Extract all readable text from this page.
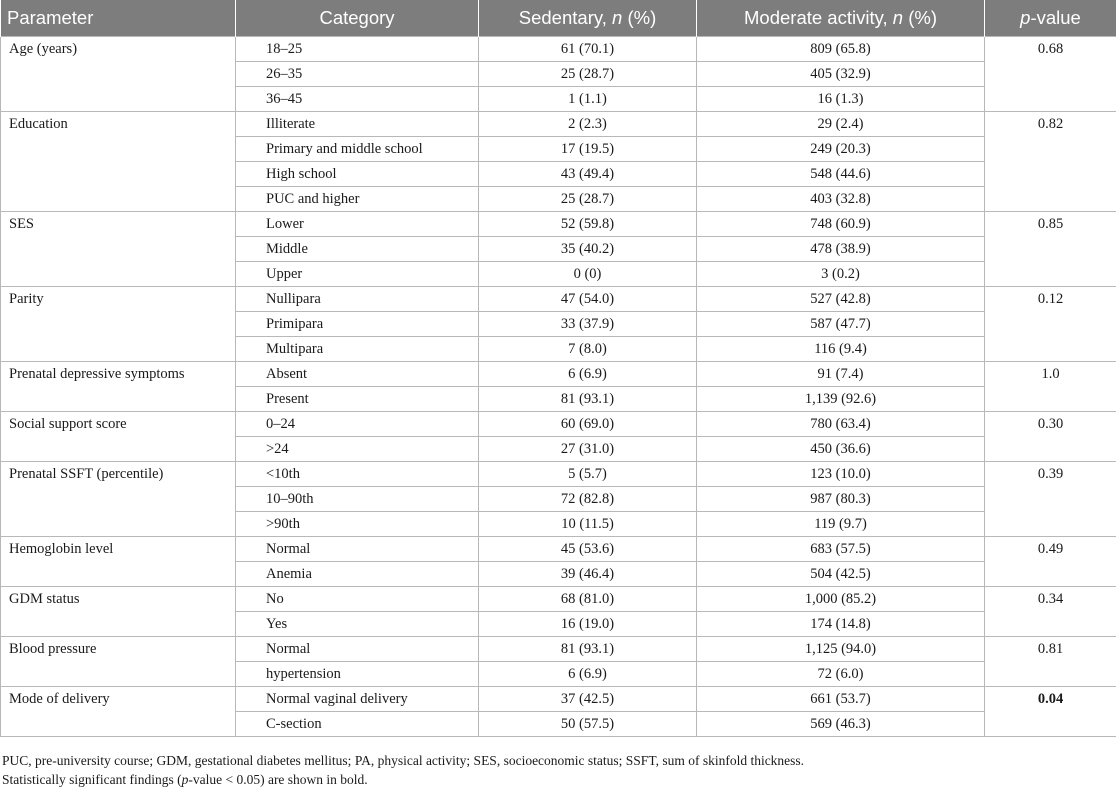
Parameter	Category	Sedentary, n (%)	Moderate activity, n (%)	p-value
Age (years)	18–25	61 (70.1)	809 (65.8)	0.68
	26–35	25 (28.7)	405 (32.9)	
	36–45	1 (1.1)	16 (1.3)	
Education	Illiterate	2 (2.3)	29 (2.4)	0.82
	Primary and middle school	17 (19.5)	249 (20.3)	
	High school	43 (49.4)	548 (44.6)	
	PUC and higher	25 (28.7)	403 (32.8)	
SES	Lower	52 (59.8)	748 (60.9)	0.85
	Middle	35 (40.2)	478 (38.9)	
	Upper	0 (0)	3 (0.2)	
Parity	Nullipara	47 (54.0)	527 (42.8)	0.12
	Primipara	33 (37.9)	587 (47.7)	
	Multipara	7 (8.0)	116 (9.4)	
Prenatal depressive symptoms	Absent	6 (6.9)	91 (7.4)	1.0
	Present	81 (93.1)	1,139 (92.6)	
Social support score	0–24	60 (69.0)	780 (63.4)	0.30
	>24	27 (31.0)	450 (36.6)	
Prenatal SSFT (percentile)	<10th	5 (5.7)	123 (10.0)	0.39
	10–90th	72 (82.8)	987 (80.3)	
	>90th	10 (11.5)	119 (9.7)	
Hemoglobin level	Normal	45 (53.6)	683 (57.5)	0.49
	Anemia	39 (46.4)	504 (42.5)	
GDM status	No	68 (81.0)	1,000 (85.2)	0.34
	Yes	16 (19.0)	174 (14.8)	
Blood pressure	Normal	81 (93.1)	1,125 (94.0)	0.81
	hypertension	6 (6.9)	72 (6.0)	
Mode of delivery	Normal vaginal delivery	37 (42.5)	661 (53.7)	0.04
	C-section	50 (57.5)	569 (46.3)	

PUC, pre-university course; GDM, gestational diabetes mellitus; PA, physical activity; SES, socioeconomic status; SSFT, sum of skinfold thickness.

Statistically significant findings (p-value < 0.05) are shown in bold.
